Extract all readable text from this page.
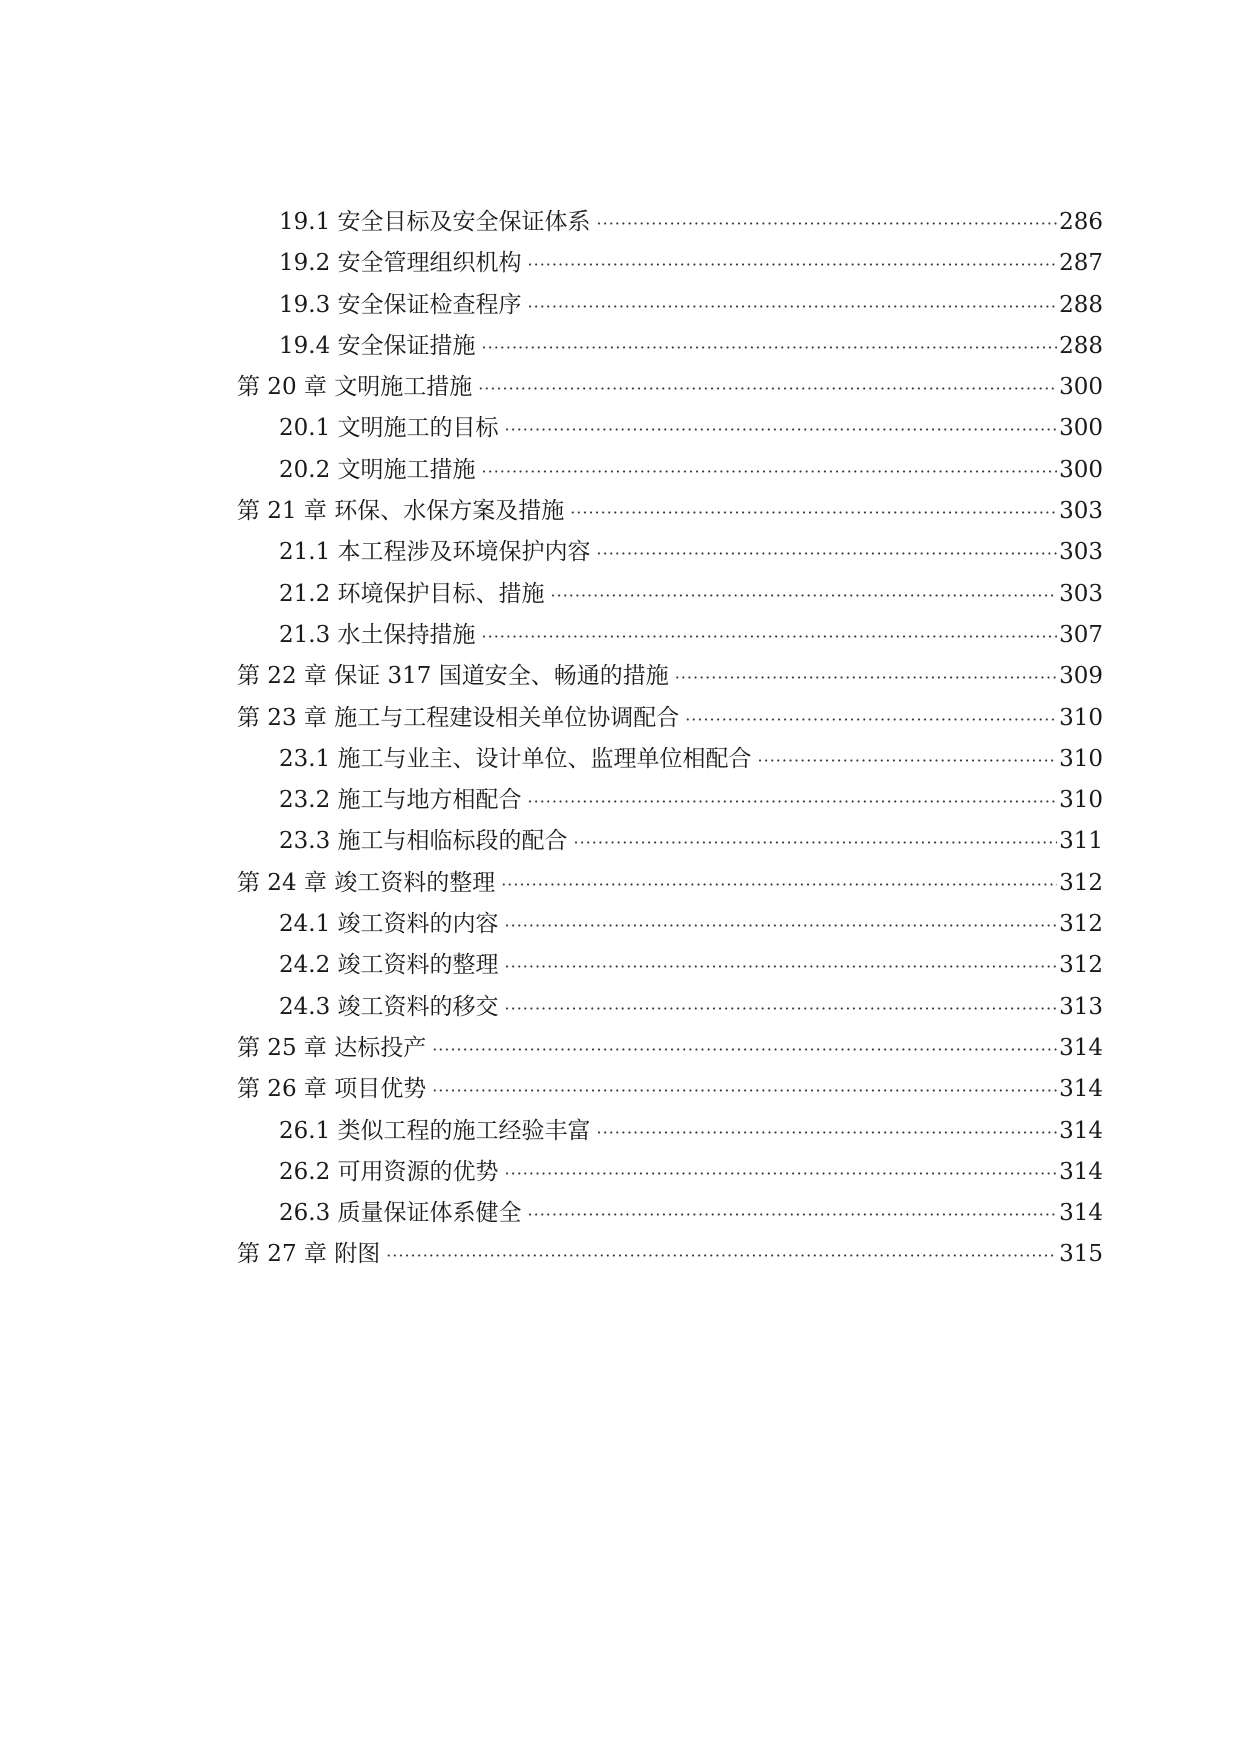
19.1 安全目标及安全保证体系 ·····	286
19.2 安全管理组织机构 ·····	287
19.3 安全保证检查程序 ·····	288
19.4 安全保证措施 ·····	288
第 20 章 文明施工措施 ·····	300
20.1 文明施工的目标 ·····	300
20.2 文明施工措施 ·····	300
第 21 章 环保、水保方案及措施 ·····	303
21.1 本工程涉及环境保护内容 ·····	303
21.2 环境保护目标、措施 ·····	303
21.3 水土保持措施 ·····	307
第 22 章 保证 317 国道安全、畅通的措施 ·····	309
第 23 章 施工与工程建设相关单位协调配合 ·····	310
23.1 施工与业主、设计单位、监理单位相配合 ·····	310
23.2 施工与地方相配合 ·····	310
23.3 施工与相临标段的配合 ·····	311
第 24 章 竣工资料的整理 ·····	312
24.1 竣工资料的内容 ·····	312
24.2 竣工资料的整理 ·····	312
24.3 竣工资料的移交 ·····	313
第 25 章 达标投产 ·····	314
第 26 章 项目优势 ·····	314
26.1 类似工程的施工经验丰富 ·····	314
26.2 可用资源的优势 ·····	314
26.3 质量保证体系健全 ·····	314
第 27 章 附图 ·····	315
